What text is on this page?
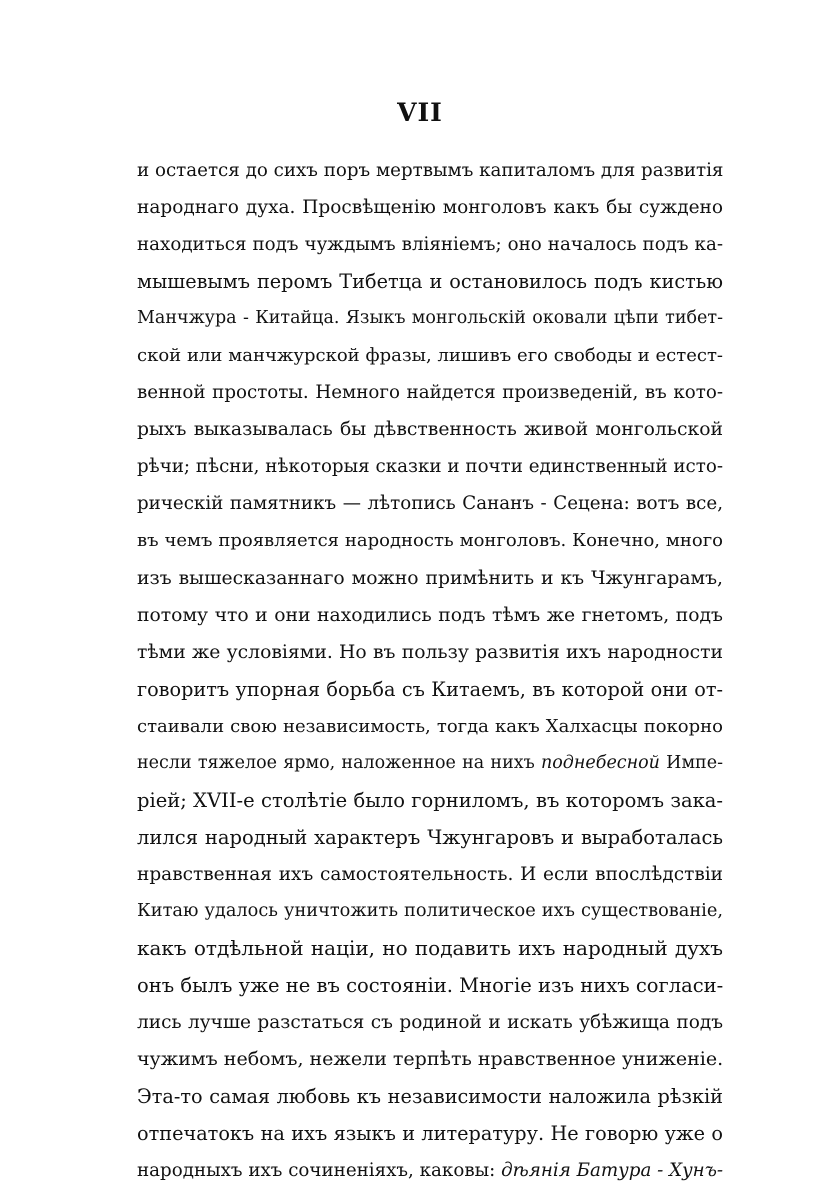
VII
и остается до сихъ поръ мертвымъ капиталомъ для развитія
народнаго духа. Просвѣщенію монголовъ какъ бы суждено
находиться подъ чуждымъ вліяніемъ; оно началось подъ ка-
мышевымъ перомъ Тибетца и остановилось подъ кистью
Манчжура - Китайца. Языкъ монгольскій оковали цѣпи тибет-
ской или манчжурской фразы, лишивъ его свободы и естест-
венной простоты. Немного найдется произведеній, въ кото-
рыхъ выказывалась бы дѣвственность живой монгольской
рѣчи; пѣсни, нѣкоторыя сказки и почти единственный исто-
рическій памятникъ — лѣтопись Сананъ - Сецена: вотъ все,
въ чемъ проявляется народность монголовъ. Конечно, много
изъ вышесказаннаго можно примѣнить и къ Чжунгарамъ,
потому что и они находились подъ тѣмъ же гнетомъ, подъ
тѣми же условіями. Но въ пользу развитія ихъ народности
говоритъ упорная борьба съ Китаемъ, въ которой они от-
стаивали свою независимость, тогда какъ Халхасцы покорно
несли тяжелое ярмо, наложенное на нихъ поднебесной Импе-
ріей; XVII-е столѣтіе было горниломъ, въ которомъ зака-
лился народный характеръ Чжунгаровъ и выработалась
нравственная ихъ самостоятельность. И если впослѣдствіи
Китаю удалось уничтожить политическое ихъ существованіе,
какъ отдѣльной націи, но подавить ихъ народный духъ
онъ былъ уже не въ состояніи. Многіе изъ нихъ согласи-
лись лучше разстаться съ родиной и искать убѣжища подъ
чужимъ небомъ, нежели терпѣть нравственное униженіе.
Эта-то самая любовь къ независимости наложила рѣзкій
отпечатокъ на ихъ языкъ и литературу. Не говорю уже о
народныхъ ихъ сочиненіяхъ, каковы: дѣянія Батура - Хунъ-
